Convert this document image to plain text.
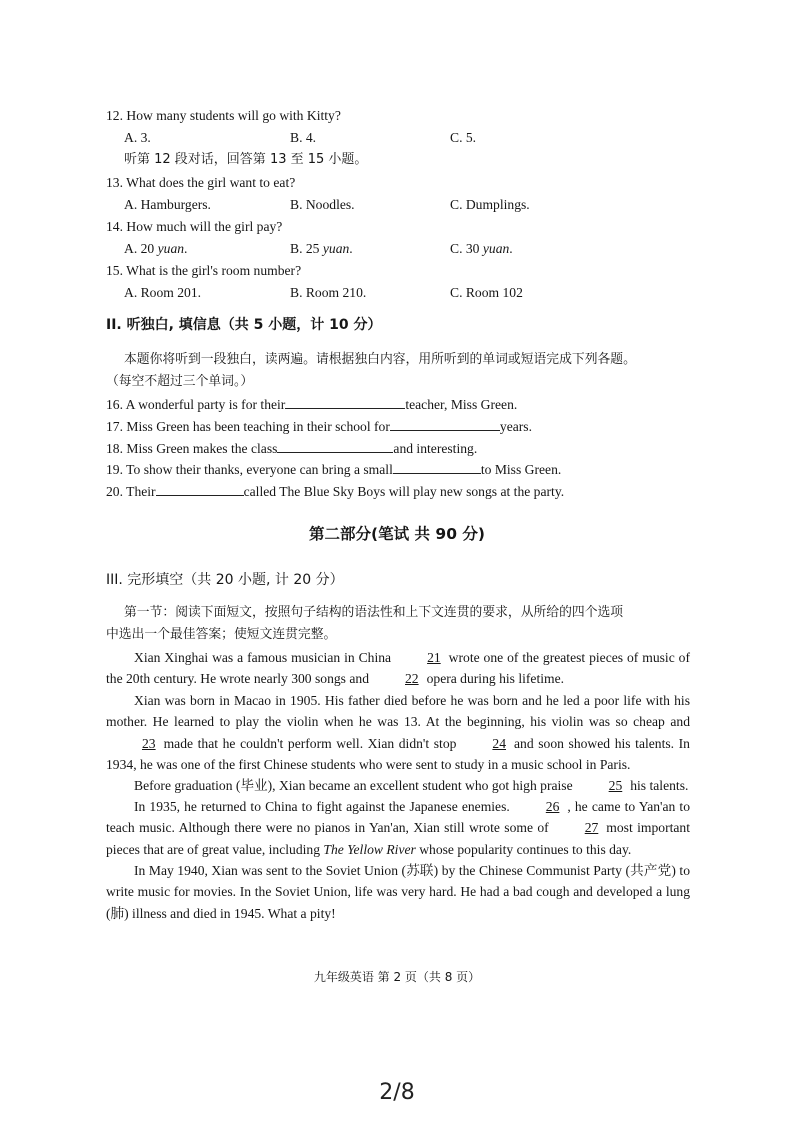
12. How many students will go with Kitty?
A. 3.	B. 4.	C. 5.
听第 12 段对话，回答第 13 至 15 小题。
13. What does the girl want to eat?
A. Hamburgers.	B. Noodles.	C. Dumplings.
14. How much will the girl pay?
A. 20 yuan.	B. 25 yuan.	C. 30 yuan.
15. What is the girl's room number?
A. Room 201.	B. Room 210.	C. Room 102
II. 听独白, 填信息（共 5 小题，计 10 分）
本题你将听到一段独白，读两遍。请根据独白内容，用所听到的单词或短语完成下列各题。
（每空不超过三个单词。）
16. A wonderful party is for their	teacher, Miss Green.
17. Miss Green has been teaching in their school for	years.
18. Miss Green makes the class	and interesting.
19. To show their thanks, everyone can bring a small	to Miss Green.
20. Their	called The Blue Sky Boys will play new songs at the party.
第二部分(笔试 共 90 分)
III. 完形填空（共 20 小题, 计 20 分）
第一节：阅读下面短文，按照句子结构的语法性和上下文连贯的要求，从所给的四个选项
中选出一个最佳答案；使短文连贯完整。
Xian Xinghai was a famous musician in China	21 wrote one of the greatest pieces of music of the 20th century. He wrote nearly 300 songs and	22 opera during his lifetime.
Xian was born in Macao in 1905. His father died before he was born and he led a poor life with his mother. He learned to play the violin when he was 13. At the beginning, his violin was so cheap and23 made that he couldn't perform well. Xian didn't stop	24 and soon showed his talents. In 1934, he was one of the first Chinese students who were sent to study in a music school in Paris.
Before graduation (毕业), Xian became an excellent student who got high praise	25 his talents.
In 1935, he returned to China to fight against the Japanese enemies.	26 , he came to Yan'an to teach music. Although there were no pianos in Yan'an, Xian still wrote some of	27 most important pieces that are of great value, including The Yellow River whose popularity continues to this day.
In May 1940, Xian was sent to the Soviet Union (苏联) by the Chinese Communist Party (共产党) to write music for movies. In the Soviet Union, life was very hard. He had a bad cough and developed a lung (肺) illness and died in 1945. What a pity!
九年级英语 第 2 页（共 8 页）
2/8
